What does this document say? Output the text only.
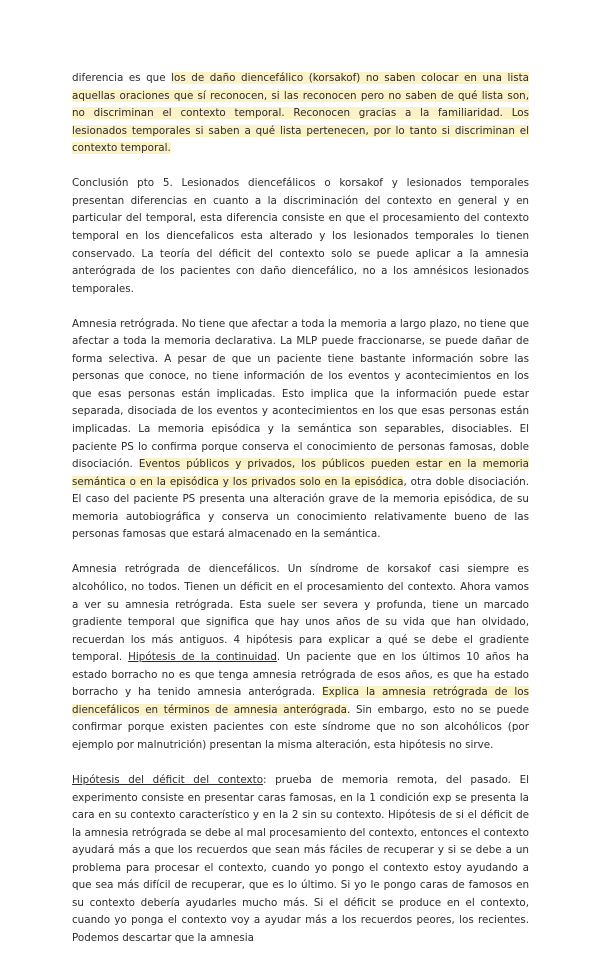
diferencia es que los de daño diencefálico (korsakof) no saben colocar en una lista aquellas oraciones que sí reconocen, si las reconocen pero no saben de qué lista son, no discriminan el contexto temporal. Reconocen gracias a la familiaridad. Los lesionados temporales si saben a qué lista pertenecen, por lo tanto si discriminan el contexto temporal.

Conclusión pto 5. Lesionados diencefálicos o korsakof y lesionados temporales presentan diferencias en cuanto a la discriminación del contexto en general y en particular del temporal, esta diferencia consiste en que el procesamiento del contexto temporal en los diencefalicos esta alterado y los lesionados temporales lo tienen conservado. La teoría del déficit del contexto solo se puede aplicar a la amnesia anterógrada de los pacientes con daño diencefálico, no a los amnésicos lesionados temporales.

Amnesia retrógrada. No tiene que afectar a toda la memoria a largo plazo, no tiene que afectar a toda la memoria declarativa. La MLP puede fraccionarse, se puede dañar de forma selectiva. A pesar de que un paciente tiene bastante información sobre las personas que conoce, no tiene información de los eventos y acontecimientos en los que esas personas están implicadas. Esto implica que la información puede estar separada, disociada de los eventos y acontecimientos en los que esas personas están implicadas. La memoria episódica y la semántica son separables, disociables. El paciente PS lo confirma porque conserva el conocimiento de personas famosas, doble disociación. Eventos públicos y privados, los públicos pueden estar en la memoria semántica o en la episódica y los privados solo en la episódica, otra doble disociación. El caso del paciente PS presenta una alteración grave de la memoria episódica, de su memoria autobiográfica y conserva un conocimiento relativamente bueno de las personas famosas que estará almacenado en la semántica.

Amnesia retrógrada de diencefálicos. Un síndrome de korsakof casi siempre es alcohólico, no todos. Tienen un déficit en el procesamiento del contexto. Ahora vamos a ver su amnesia retrógrada. Esta suele ser severa y profunda, tiene un marcado gradiente temporal que significa que hay unos años de su vida que han olvidado, recuerdan los más antiguos. 4 hipótesis para explicar a qué se debe el gradiente temporal. Hipótesis de la continuidad. Un paciente que en los últimos 10 años ha estado borracho no es que tenga amnesia retrógrada de esos años, es que ha estado borracho y ha tenido amnesia anterógrada. Explica la amnesia retrógrada de los diencefálicos en términos de amnesia anterógrada. Sin embargo, esto no se puede confirmar porque existen pacientes con este síndrome que no son alcohólicos (por ejemplo por malnutrición) presentan la misma alteración, esta hipótesis no sirve.

Hipótesis del déficit del contexto: prueba de memoria remota, del pasado. El experimento consiste en presentar caras famosas, en la 1 condición exp se presenta la cara en su contexto característico y en la 2 sin su contexto. Hipótesis de si el déficit de la amnesia retrógrada se debe al mal procesamiento del contexto, entonces el contexto ayudará más a que los recuerdos que sean más fáciles de recuperar y si se debe a un problema para procesar el contexto, cuando yo pongo el contexto estoy ayudando a que sea más difícil de recuperar, que es lo último. Si yo le pongo caras de famosos en su contexto debería ayudarles mucho más. Si el déficit se produce en el contexto, cuando yo ponga el contexto voy a ayudar más a los recuerdos peores, los recientes. Podemos descartar que la amnesia
